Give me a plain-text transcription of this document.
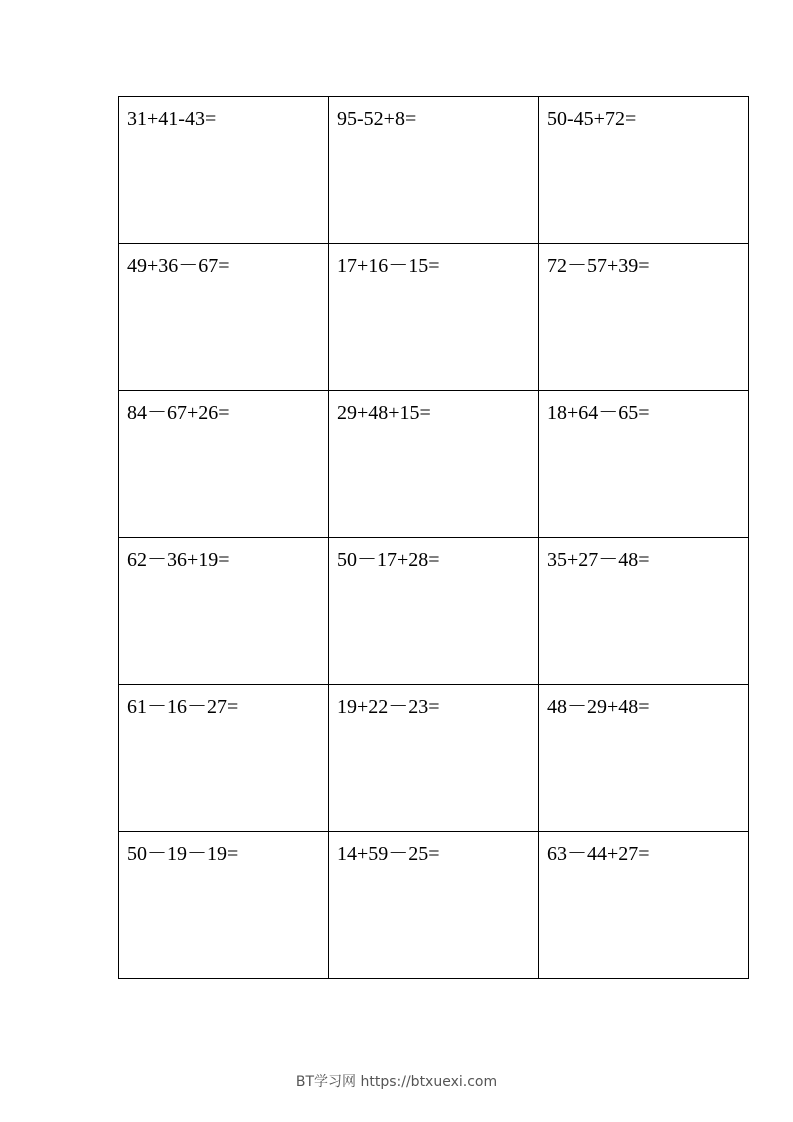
31+41-43=	95-52+8=	50-45+72=

49+36－67=	17+16－15=	72－57+39=

84－67+26=	29+48+15=	18+64－65=

62－36+19=	50－17+28=	35+27－48=

61－16－27=	19+22－23=	48－29+48=

50－19－19=	14+59－25=	63－44+27=
BT学习网 https://btxuexi.com
